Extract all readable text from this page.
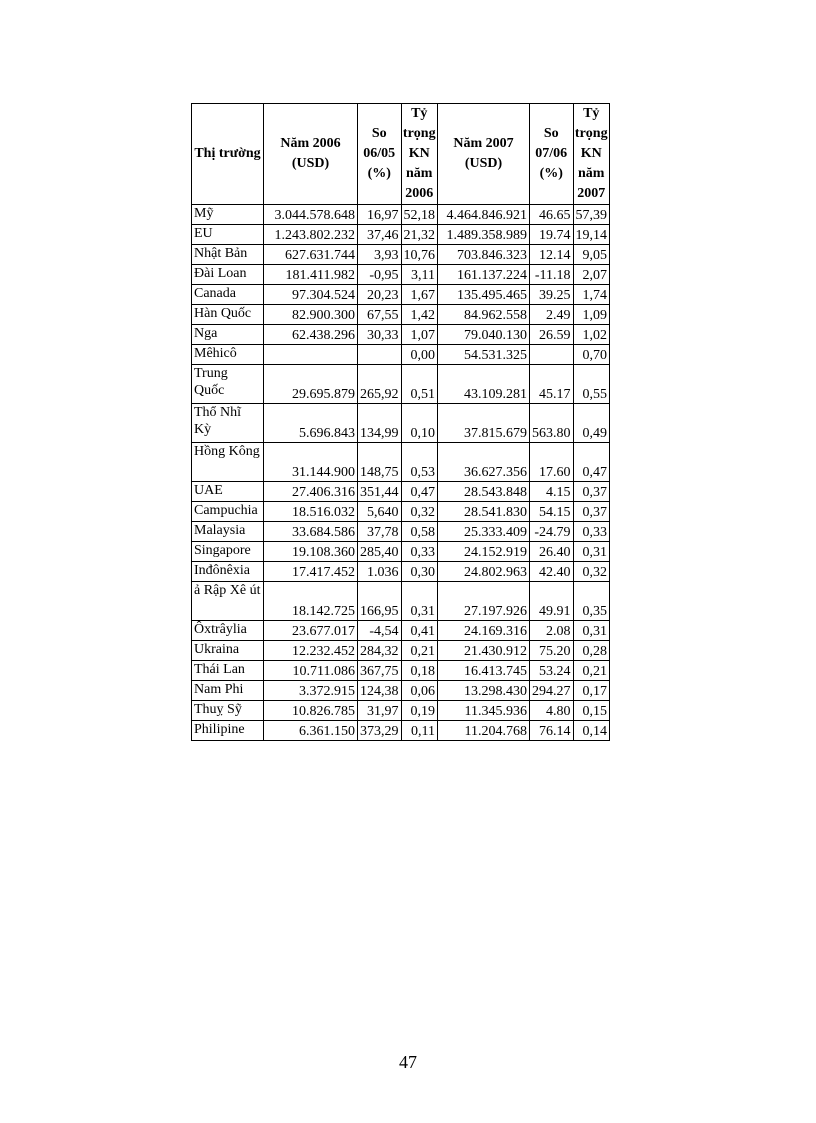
Thị trường	Năm 2006 (USD)	So 06/05 (%)	Tỷ trọng KN năm 2006	Năm 2007 (USD)	So 07/06 (%)	Tỷ trọng KN năm 2007
Mỹ	3.044.578.648	16,97	52,18	4.464.846.921	46.65	57,39
EU	1.243.802.232	37,46	21,32	1.489.358.989	19.74	19,14
Nhật Bản	627.631.744	3,93	10,76	703.846.323	12.14	9,05
Đài Loan	181.411.982	-0,95	3,11	161.137.224	-11.18	2,07
Canada	97.304.524	20,23	1,67	135.495.465	39.25	1,74
Hàn Quốc	82.900.300	67,55	1,42	84.962.558	2.49	1,09
Nga	62.438.296	30,33	1,07	79.040.130	26.59	1,02
Mêhicô			0,00	54.531.325		0,70
Trung Quốc	29.695.879	265,92	0,51	43.109.281	45.17	0,55
Thổ Nhĩ Kỳ	5.696.843	134,99	0,10	37.815.679	563.80	0,49
Hồng Kông	31.144.900	148,75	0,53	36.627.356	17.60	0,47
UAE	27.406.316	351,44	0,47	28.543.848	4.15	0,37
Campuchia	18.516.032	5,640	0,32	28.541.830	54.15	0,37
Malaysia	33.684.586	37,78	0,58	25.333.409	-24.79	0,33
Singapore	19.108.360	285,40	0,33	24.152.919	26.40	0,31
Inđônêxia	17.417.452	1.036	0,30	24.802.963	42.40	0,32
ả Rập Xê út	18.142.725	166,95	0,31	27.197.926	49.91	0,35
Ôxtrâylia	23.677.017	-4,54	0,41	24.169.316	2.08	0,31
Ukraina	12.232.452	284,32	0,21	21.430.912	75.20	0,28
Thái Lan	10.711.086	367,75	0,18	16.413.745	53.24	0,21
Nam Phi	3.372.915	124,38	0,06	13.298.430	294.27	0,17
Thuỵ Sỹ	10.826.785	31,97	0,19	11.345.936	4.80	0,15
Philipine	6.361.150	373,29	0,11	11.204.768	76.14	0,14
47
